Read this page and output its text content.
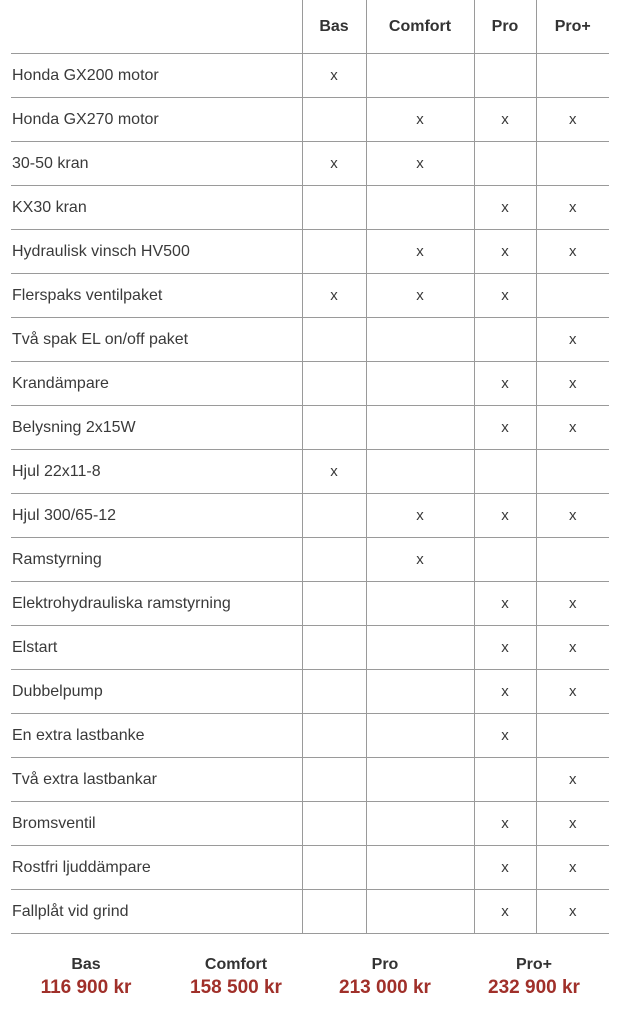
	Bas	Comfort	Pro	Pro+
Honda GX200 motor	x			
Honda GX270 motor		x	x	x
30-50 kran	x	x		
KX30 kran			x	x
Hydraulisk vinsch HV500		x	x	x
Flerspaks ventilpaket	x	x	x	
Två spak EL on/off paket				x
Krandämpare			x	x
Belysning 2x15W			x	x
Hjul 22x11-8	x			
Hjul 300/65-12		x	x	x
Ramstyrning		x		
Elektrohydrauliska ramstyrning			x	x
Elstart			x	x
Dubbelpump			x	x
En extra lastbanke			x	
Två extra lastbankar				x
Bromsventil			x	x
Rostfri ljuddämpare			x	x
Fallplåt vid grind			x	x
Bas
116 900 kr
Comfort
158 500 kr
Pro
213 000 kr
Pro+
232 900 kr
